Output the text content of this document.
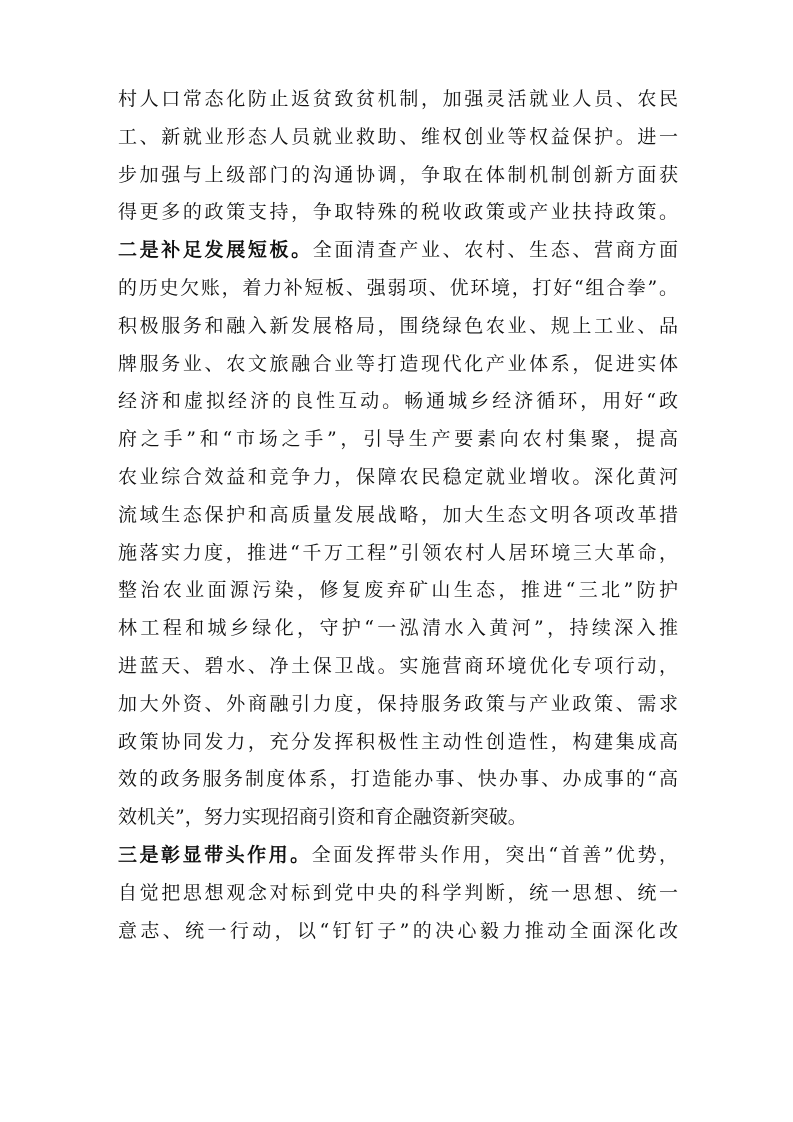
村人口常态化防止返贫致贫机制，加强灵活就业人员、农民
工、新就业形态人员就业救助、维权创业等权益保护。进一
步加强与上级部门的沟通协调，争取在体制机制创新方面获
得更多的政策支持，争取特殊的税收政策或产业扶持政策。
二是补足发展短板。全面清查产业、农村、生态、营商方面
的历史欠账，着力补短板、强弱项、优环境，打好“组合拳”。
积极服务和融入新发展格局，围绕绿色农业、规上工业、品
牌服务业、农文旅融合业等打造现代化产业体系，促进实体
经济和虚拟经济的良性互动。畅通城乡经济循环，用好“政
府之手”和“市场之手”，引导生产要素向农村集聚，提高
农业综合效益和竞争力，保障农民稳定就业增收。深化黄河
流域生态保护和高质量发展战略，加大生态文明各项改革措
施落实力度，推进“千万工程”引领农村人居环境三大革命，
整治农业面源污染，修复废弃矿山生态，推进“三北”防护
林工程和城乡绿化，守护“一泓清水入黄河”，持续深入推
进蓝天、碧水、净土保卫战。实施营商环境优化专项行动，
加大外资、外商融引力度，保持服务政策与产业政策、需求
政策协同发力，充分发挥积极性主动性创造性，构建集成高
效的政务服务制度体系，打造能办事、快办事、办成事的“高
效机关”，努力实现招商引资和育企融资新突破。
三是彰显带头作用。全面发挥带头作用，突出“首善”优势，
自觉把思想观念对标到党中央的科学判断，统一思想、统一
意志、统一行动，以“钉钉子”的决心毅力推动全面深化改
